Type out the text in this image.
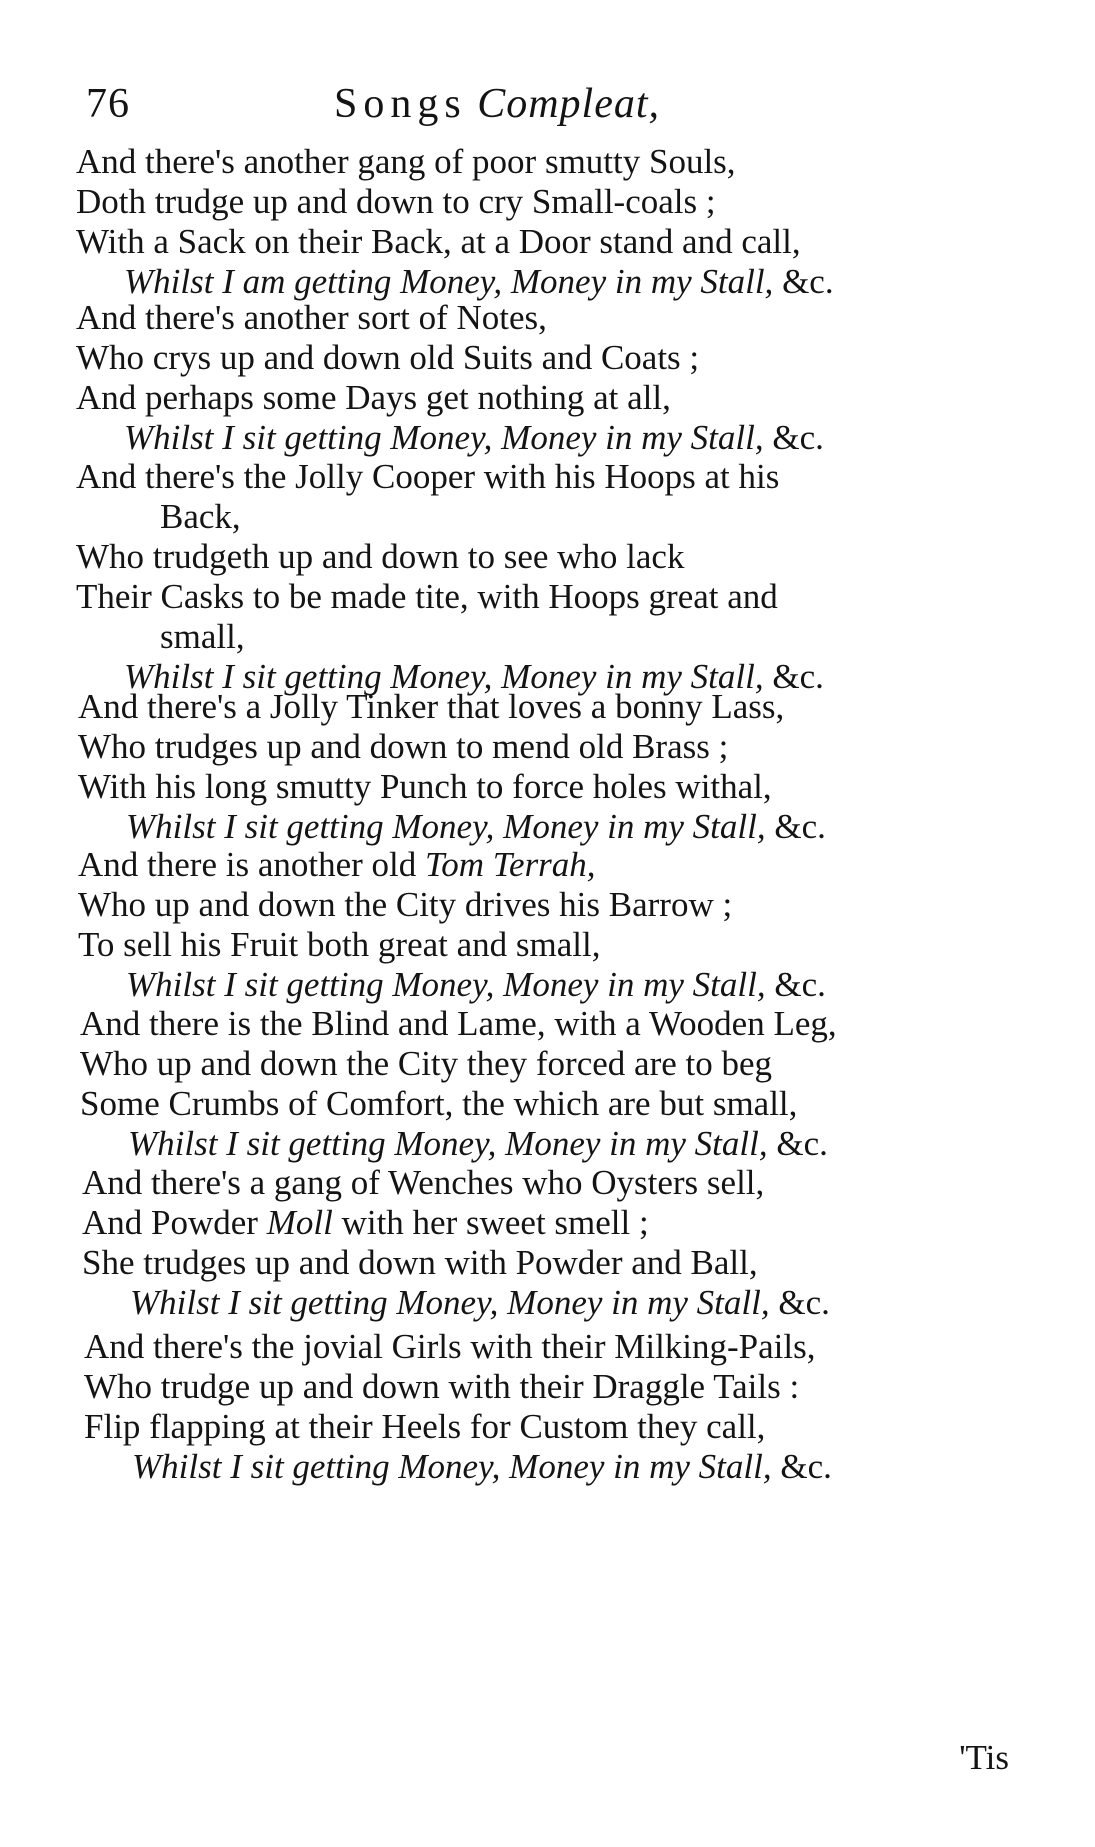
76	Songs Compleat,
And there's another gang of poor smutty Souls,
Doth trudge up and down to cry Small-coals ;
With a Sack on their Back, at a Door stand and call,
Whilst I am getting Money, Money in my Stall, &c.
And there's another sort of Notes,
Who crys up and down old Suits and Coats ;
And perhaps some Days get nothing at all,
Whilst I sit getting Money, Money in my Stall, &c.
And there's the Jolly Cooper with his Hoops at his
Back,
Who trudgeth up and down to see who lack
Their Casks to be made tite, with Hoops great and
small,
Whilst I sit getting Money, Money in my Stall, &c.
And there's a Jolly Tinker that loves a bonny Lass,
Who trudges up and down to mend old Brass ;
With his long smutty Punch to force holes withal,
Whilst I sit getting Money, Money in my Stall, &c.
And there is another old Tom Terrah,
Who up and down the City drives his Barrow ;
To sell his Fruit both great and small,
Whilst I sit getting Money, Money in my Stall, &c.
And there is the Blind and Lame, with a Wooden Leg,
Who up and down the City they forced are to beg
Some Crumbs of Comfort, the which are but small,
Whilst I sit getting Money, Money in my Stall, &c.
And there's a gang of Wenches who Oysters sell,
And Powder Moll with her sweet smell ;
She trudges up and down with Powder and Ball,
Whilst I sit getting Money, Money in my Stall, &c.
And there's the jovial Girls with their Milking-Pails,
Who trudge up and down with their Draggle Tails :
Flip flapping at their Heels for Custom they call,
Whilst I sit getting Money, Money in my Stall, &c.
'Tis
